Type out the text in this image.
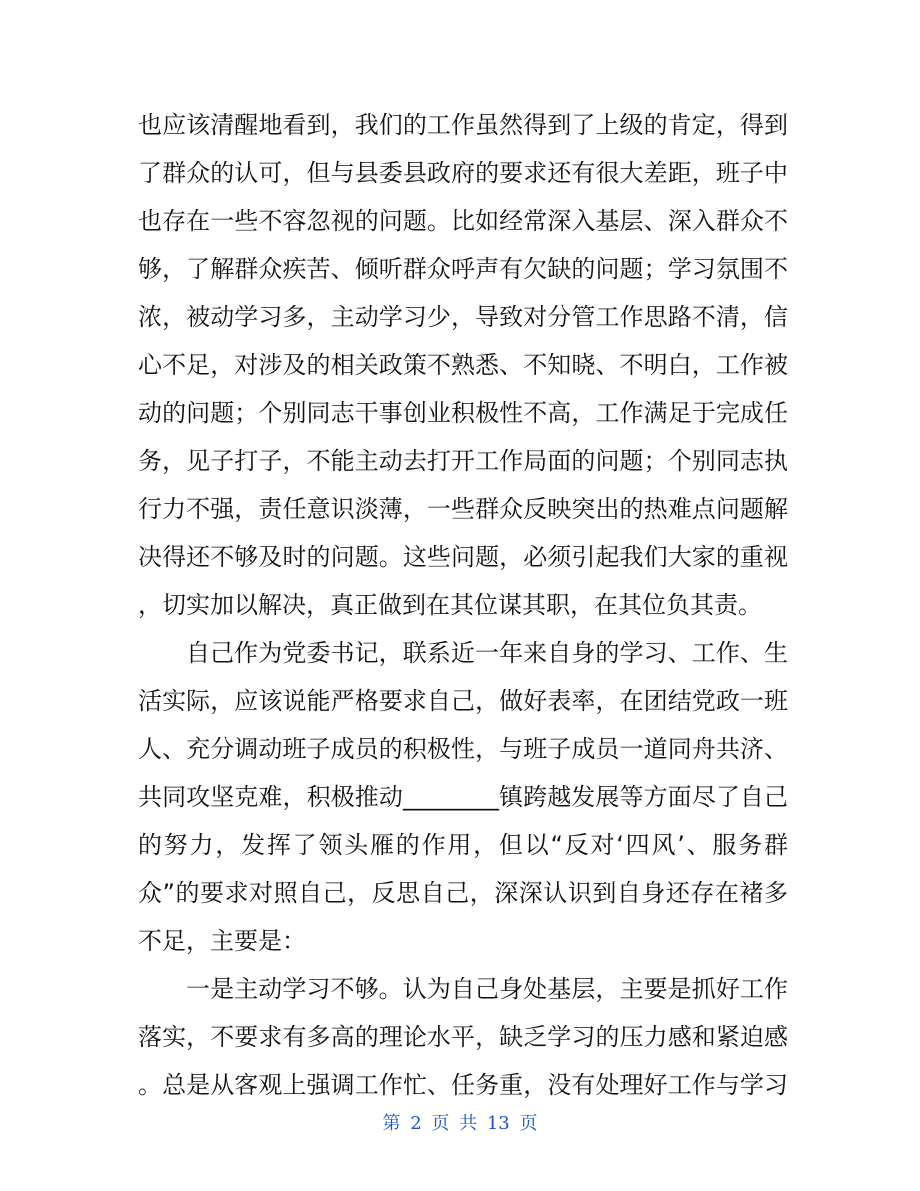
也应该清醒地看到，我们的工作虽然得到了上级的肯定，得到
了群众的认可，但与县委县政府的要求还有很大差距，班子中
也存在一些不容忽视的问题。比如经常深入基层、深入群众不
够，了解群众疾苦、倾听群众呼声有欠缺的问题；学习氛围不
浓，被动学习多，主动学习少，导致对分管工作思路不清，信
心不足，对涉及的相关政策不熟悉、不知晓、不明白，工作被
动的问题；个别同志干事创业积极性不高，工作满足于完成任
务，见子打子，不能主动去打开工作局面的问题；个别同志执
行力不强，责任意识淡薄，一些群众反映突出的热难点问题解
决得还不够及时的问题。这些问题，必须引起我们大家的重视
，切实加以解决，真正做到在其位谋其职，在其位负其责。
自己作为党委书记，联系近一年来自身的学习、工作、生
活实际，应该说能严格要求自己，做好表率，在团结党政一班
人、充分调动班子成员的积极性，与班子成员一道同舟共济、
共同攻坚克难，积极推动________镇跨越发展等方面尽了自己
的努力，发挥了领头雁的作用，但以“反对‘四风’、服务群
众”的要求对照自己，反思自己，深深认识到自身还存在褚多
不足，主要是：
一是主动学习不够。认为自己身处基层，主要是抓好工作
落实，不要求有多高的理论水平，缺乏学习的压力感和紧迫感
。总是从客观上强调工作忙、任务重，没有处理好工作与学习
第 2 页 共 13 页
